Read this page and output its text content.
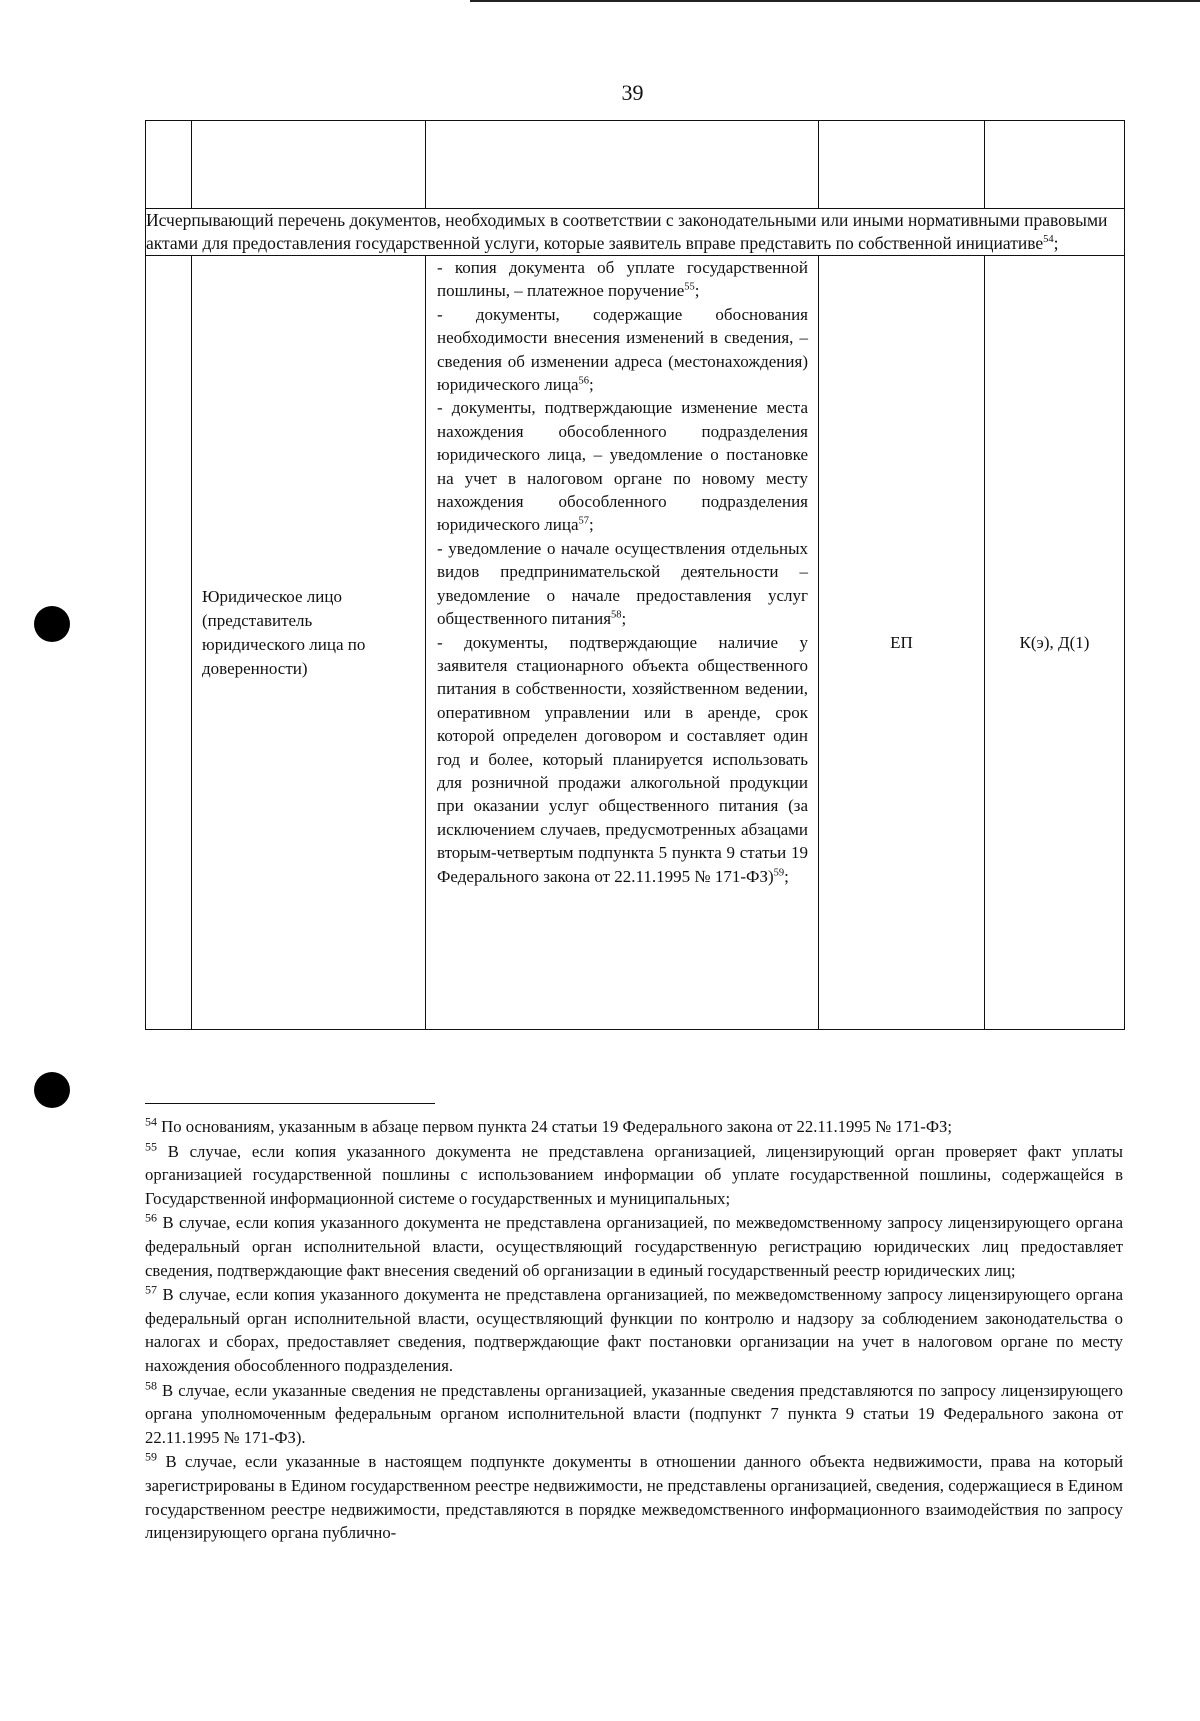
39

Исчерпывающий перечень документов, необходимых в соответствии с законодательными или иными нормативными правовыми актами для предоставления государственной услуги, которые заявитель вправе представить по собственной инициативе$^{54}$;				
	Юридическое лицо (представитель юридического лица по доверенности)	- копия документа об уплате государственной пошлины, – платежное поручение$^{55}$;

- документы, содержащие обоснования необходимости внесения изменений в сведения, – сведения об изменении адреса (местонахождения) юридического лица$^{56}$;

- документы, подтверждающие изменение места нахождения обособленного подразделения юридического лица, – уведомление о постановке на учет в налоговом органе по новому месту нахождения обособленного подразделения юридического лица$^{57}$;

- уведомление о начале осуществления отдельных видов предпринимательской деятельности – уведомление о начале предоставления услуг общественного питания$^{58}$;

- документы, подтверждающие наличие у заявителя стационарного объекта общественного питания в собственности, хозяйственном ведении, оперативном управлении или в аренде, срок которой определен договором и составляет один год и более, который планируется использовать для розничной продажи алкогольной продукции при оказании услуг общественного питания (за исключением случаев, предусмотренных абзацами вторым-четвертым подпункта 5 пункта 9 статьи 19 Федерального закона от 22.11.1995 № 171-ФЗ)$^{59}$;	ЕП	К(э), Д(1)

$^{54}$ По основаниям, указанным в абзаце первом пункта 24 статьи 19 Федерального закона от 22.11.1995 № 171-ФЗ;

$^{55}$ В случае, если копия указанного документа не представлена организацией, лицензирующий орган проверяет факт уплаты организацией государственной пошлины с использованием информации об уплате государственной пошлины, содержащейся в Государственной информационной системе о государственных и муниципальных;

$^{56}$ В случае, если копия указанного документа не представлена организацией, по межведомственному запросу лицензирующего органа федеральный орган исполнительной власти, осуществляющий государственную регистрацию юридических лиц предоставляет сведения, подтверждающие факт внесения сведений об организации в единый государственный реестр юридических лиц;

$^{57}$ В случае, если копия указанного документа не представлена организацией, по межведомственному запросу лицензирующего органа федеральный орган исполнительной власти, осуществляющий функции по контролю и надзору за соблюдением законодательства о налогах и сборах, предоставляет сведения, подтверждающие факт постановки организации на учет в налоговом органе по месту нахождения обособленного подразделения.

$^{58}$ В случае, если указанные сведения не представлены организацией, указанные сведения представляются по запросу лицензирующего органа уполномоченным федеральным органом исполнительной власти (подпункт 7 пункта 9 статьи 19 Федерального закона от 22.11.1995 № 171-ФЗ).

$^{59}$ В случае, если указанные в настоящем подпункте документы в отношении данного объекта недвижимости, права на который зарегистрированы в Едином государственном реестре недвижимости, не представлены организацией, сведения, содержащиеся в Едином государственном реестре недвижимости, представляются в порядке межведомственного информационного взаимодействия по запросу лицензирующего органа публично-
